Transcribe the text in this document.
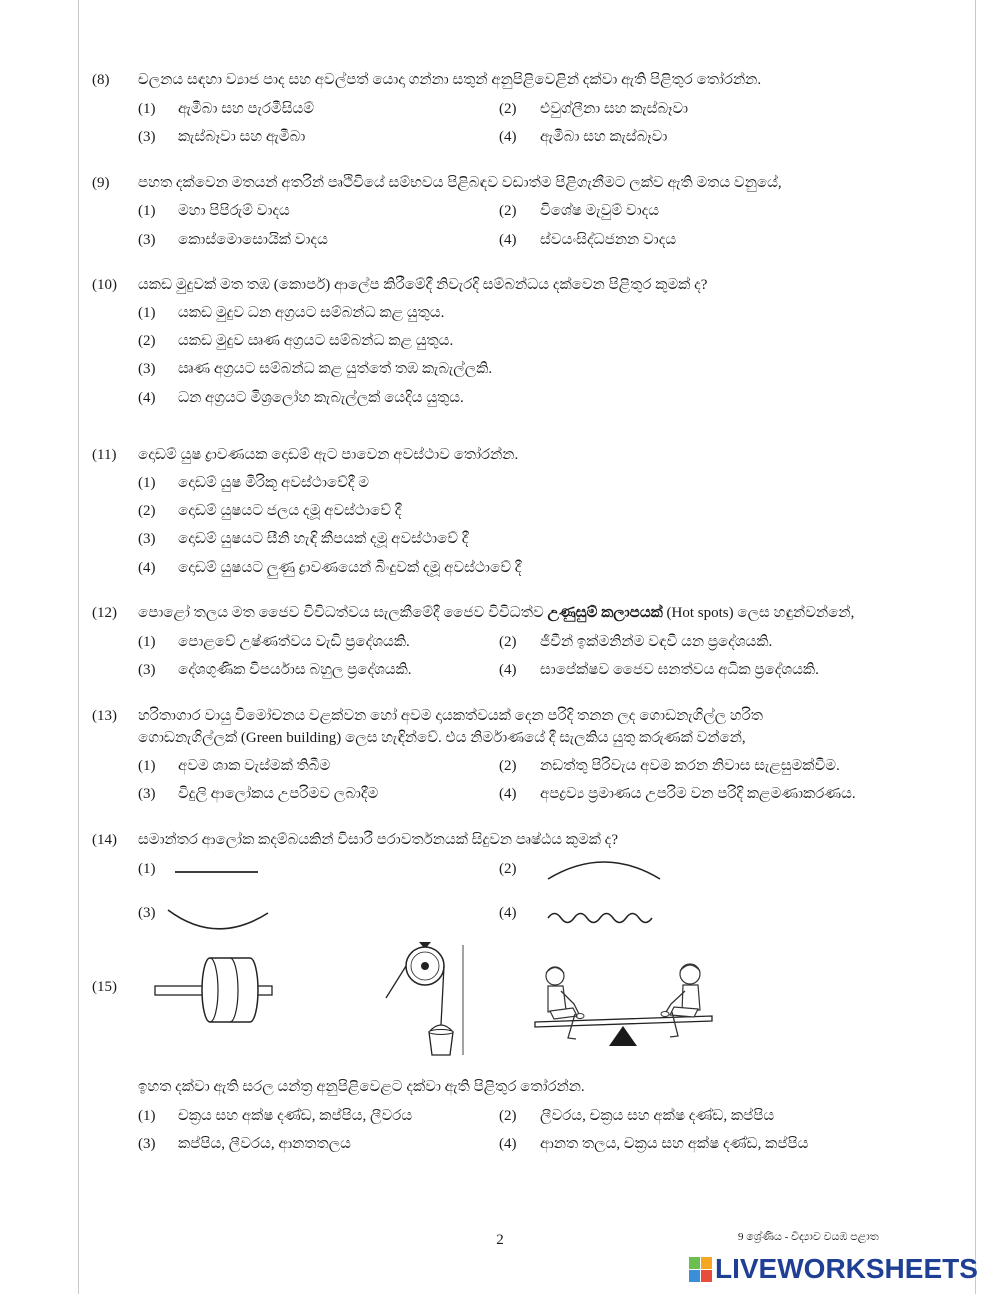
(8)	චලනය සඳහා ව්‍යාජ පාද සහ අවල්පත් යොදා ගන්නා සතුන් අනුපිළිවෙළින් දක්වා ඇති පිළිතුර තෝරන්න.
(1) ඇමීබා සහ පැරමීසියම්	(2) එවුග්ලීනා සහ කැස්බෑවා
(3) කැස්බෑවා සහ ඇමීබා	(4) ඇමීබා සහ කැස්බෑවා
(9)	පහත දක්වෙන මතයන් අතරින් පෘථිවියේ සම්භවය පිළිබඳව වඩාත්ම පිළිගැනීමට ලක්ව ඇති මතය වනුයේ,
(1) මහා පිපිරුම් වාදය	(2) විශේෂ මැවුම් වාදය
(3) කොස්මොසොයික් වාදය	(4) ස්වයංසිද්ධජනන වාදය
(10)	යකඩ මුදුවක් මත තඹ (කොපර්) ආලේප කිරීමේදී නිවැරදි සම්බන්ධය දක්වෙන පිළිතුර කුමක් ද?
(1) යකඩ මුදුව ධන අග්‍රයට සම්බන්ධ කළ යුතුය.
(2) යකඩ මුදුව ඍණ අග්‍රයට සම්බන්ධ කළ යුතුය.
(3) ඍණ අග්‍රයට සම්බන්ධ කළ යුත්තේ තඹ කැබැල්ලකි.
(4) ධන අග්‍රයට මිශ්‍රලෝහ කැබැල්ලක් යෙදිය යුතුය.
(11)	දොඩම් යුෂ ද්‍රාවණයක දොඩම් ඇට පාවෙන අවස්ථාව තෝරන්න.
(1) දොඩම් යුෂ මිරිකූ අවස්ථාවේදී ම
(2) දොඩම් යුෂයට ජලය දමූ අවස්ථාවේ දී
(3) දොඩම් යුෂයට සීනි හැඳි කීපයක් දමූ අවස්ථාවේ දී
(4) දොඩම් යුෂයට ලුණු ද්‍රාවණයෙන් බිංදුවක් දමූ අවස්ථාවේ දී
(12)	පොළෝ තලය මත ජෛව විවිධත්වය සැලකීමේදී ජෛව විවිධත්ව උණුසුම් කලාපයක් (Hot spots) ලෙස හඳුන්වන්නේ,
(1) පොළවේ උෂ්ණත්වය වැඩි ප්‍රදේශයකි.	(2) ජීවීන් ඉක්මනින්ම වඳවී යන ප්‍රදේශයකි.
(3) දේශගුණික විපර්යාස බහුල ප්‍රදේශයකි.	(4) සාපේක්ෂව ජෛව ඝනත්වය අධික ප්‍රදේශයකි.
(13)	හරිතාගාර වායු විමෝචනය වළක්වන හෝ අවම දායකත්වයක් දෙන පරිදි තනන ලද ගොඩනැගිල්ල හරිත
ගොඩනැගිල්ලක් (Green building) ලෙස හැඳින්වේ. එය නිර්මාණයේ දී සැලකිය යුතු කරුණක් වන්නේ,
(1) අවම ශාක වැස්මක් තිබීම	(2) නඩත්තු පිරිවැය අවම කරන නිවාස සැළසුමක්වීම.
(3) විදුලි ආලෝකය උපරිමව ලබාදීම	(4) අපද්‍රව්‍ය ප්‍රමාණය උපරිම වන පරිදි කළමණාකරණය.
(14)	සමාන්තර ආලෝක කදම්බයකින් විසාරී පරාවර්තනයක් සිදුවන පෘෂ්ඨය කුමක් ද?
(1)	(2)
(3)	(4)
(15)
ඉහත දක්වා ඇති සරල යන්ත්‍ර අනුපිළිවෙළට දක්වා ඇති පිළිතුර තෝරන්න.
(1) චක්‍රය සහ අක්ෂ දණ්ඩ, කප්පිය, ලීවරය	(2) ලීවරය, චක්‍රය සහ අක්ෂ දණ්ඩ, කප්පිය
(3) කප්පිය, ලීවරය, ආනතතලය	(4) ආනත තලය, චක්‍රය සහ අක්ෂ දණ්ඩ, කප්පිය
2	9 ශ්‍රේණිය - විද්‍යාව වයඹ පළාත
LIVEWORKSHEETS
